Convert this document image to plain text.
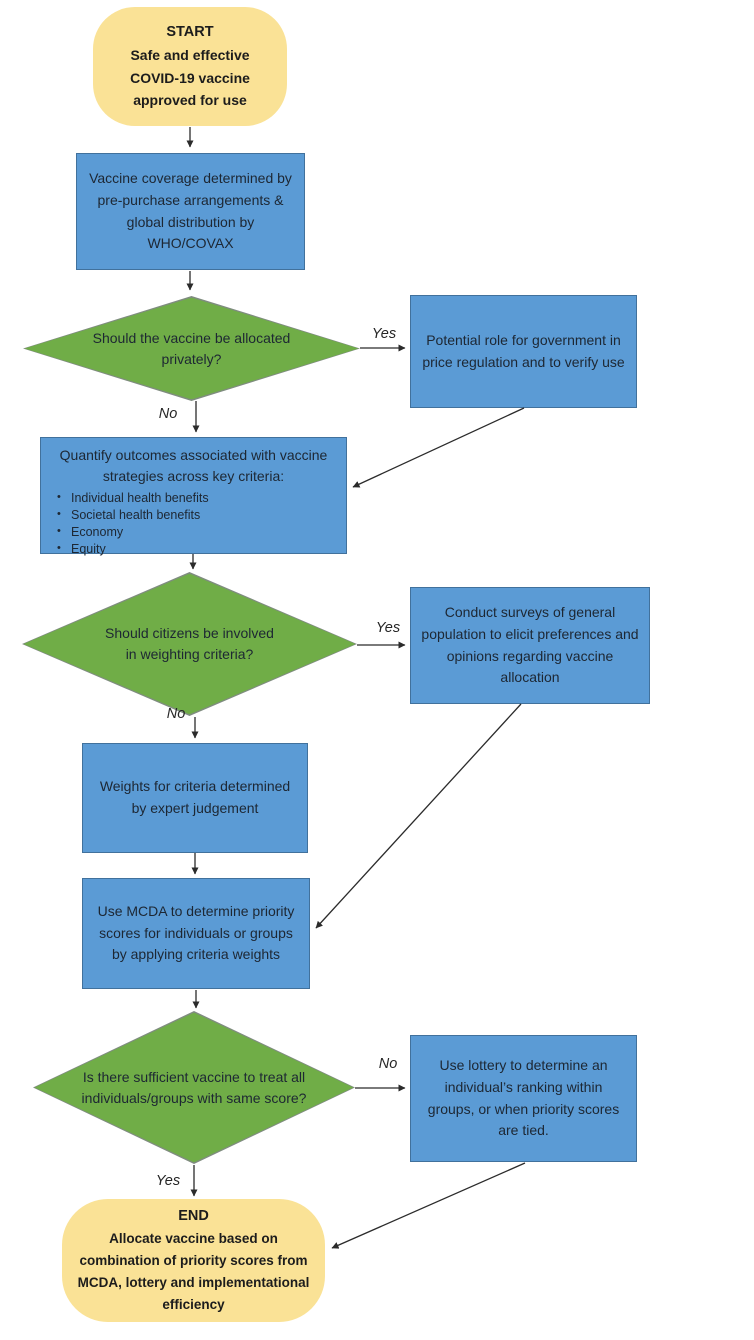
START
Safe and effective COVID-19 vaccine approved for use
Vaccine coverage determined by pre-purchase arrangements & global distribution by WHO/COVAX
Should the vaccine be allocated privately?
Potential role for government in price regulation and to verify use
Quantify outcomes associated with vaccine strategies across key criteria:
• Individual health benefits
• Societal health benefits
• Economy
• Equity
Should citizens be involved in weighting criteria?
Conduct surveys of general population to elicit preferences and opinions regarding vaccine allocation
Weights for criteria determined by expert judgement
Use MCDA to determine priority scores for individuals or groups by applying criteria weights
Is there sufficient vaccine to treat all individuals/groups with same score?
Use lottery to determine an individual’s ranking within groups, or when priority scores are tied.
END
Allocate vaccine based on combination of priority scores from MCDA, lottery and implementational efficiency
Yes
No
Yes
No
No
Yes
